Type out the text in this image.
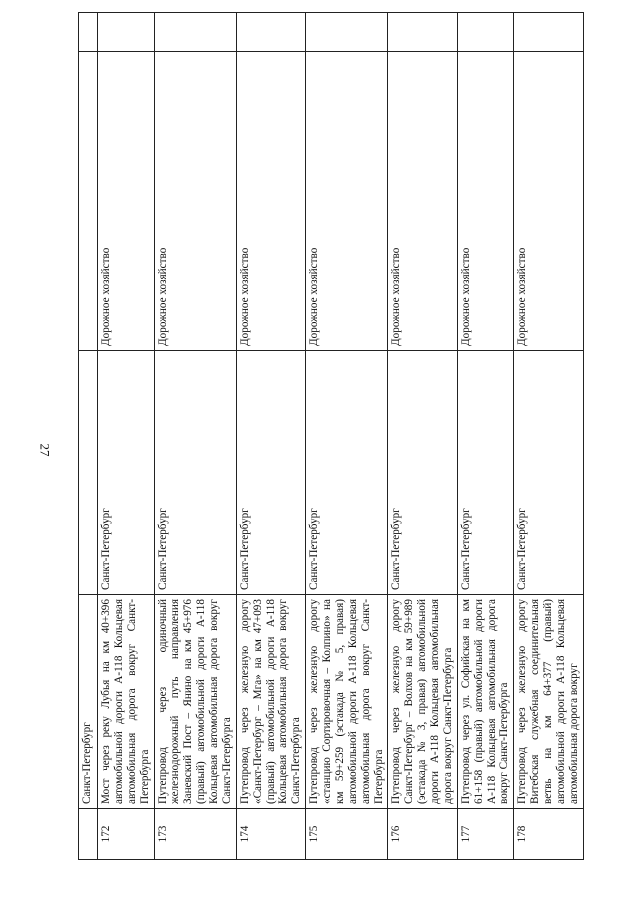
27
	Санкт-Петербург			
172	Мост через реку Лубья на км 40+396 автомобильной дороги А-118 Кольцевая автомобильная дорога вокруг Санкт-Петербурга	Санкт-Петербург	Дорожное хозяйство	
173	Путепровод через одиночный железнодорожный путь направления Заневский Пост – Янино на км 45+976 (правый) автомобильной дороги А-118 Кольцевая автомобильная дорога вокруг Санкт-Петербурга	Санкт-Петербург	Дорожное хозяйство	
174	Путепровод через железную дорогу «Санкт-Петербург – Мга» на км 47+093 (правый) автомобильной дороги А-118 Кольцевая автомобильная дорога вокруг Санкт-Петербурга	Санкт-Петербург	Дорожное хозяйство	
175	Путепровод через железную дорогу «станцию Сортировочная – Колпино» на км 59+259 (эстакада № 5, правая) автомобильной дороги А-118 Кольцевая автомобильная дорога вокруг Санкт-Петербурга	Санкт-Петербург	Дорожное хозяйство	
176	Путепровод через железную дорогу Санкт-Петербург – Волхов на км 59+989 (эстакада № 3, правая) автомобильной дороги А-118 Кольцевая автомобильная дорога вокруг Санкт-Петербурга	Санкт-Петербург	Дорожное хозяйство	
177	Путепровод через ул. Софийская на км 61+158 (правый) автомобильной дороги А-118 Кольцевая автомобильная дорога вокруг Санкт-Петербурга	Санкт-Петербург	Дорожное хозяйство	
178	Путепровод через железную дорогу Витебская служебная соединительная ветвь на км 64+377 (правый) автомобильной дороги А-118 Кольцевая автомобильная дорога вокруг	Санкт-Петербург	Дорожное хозяйство	
